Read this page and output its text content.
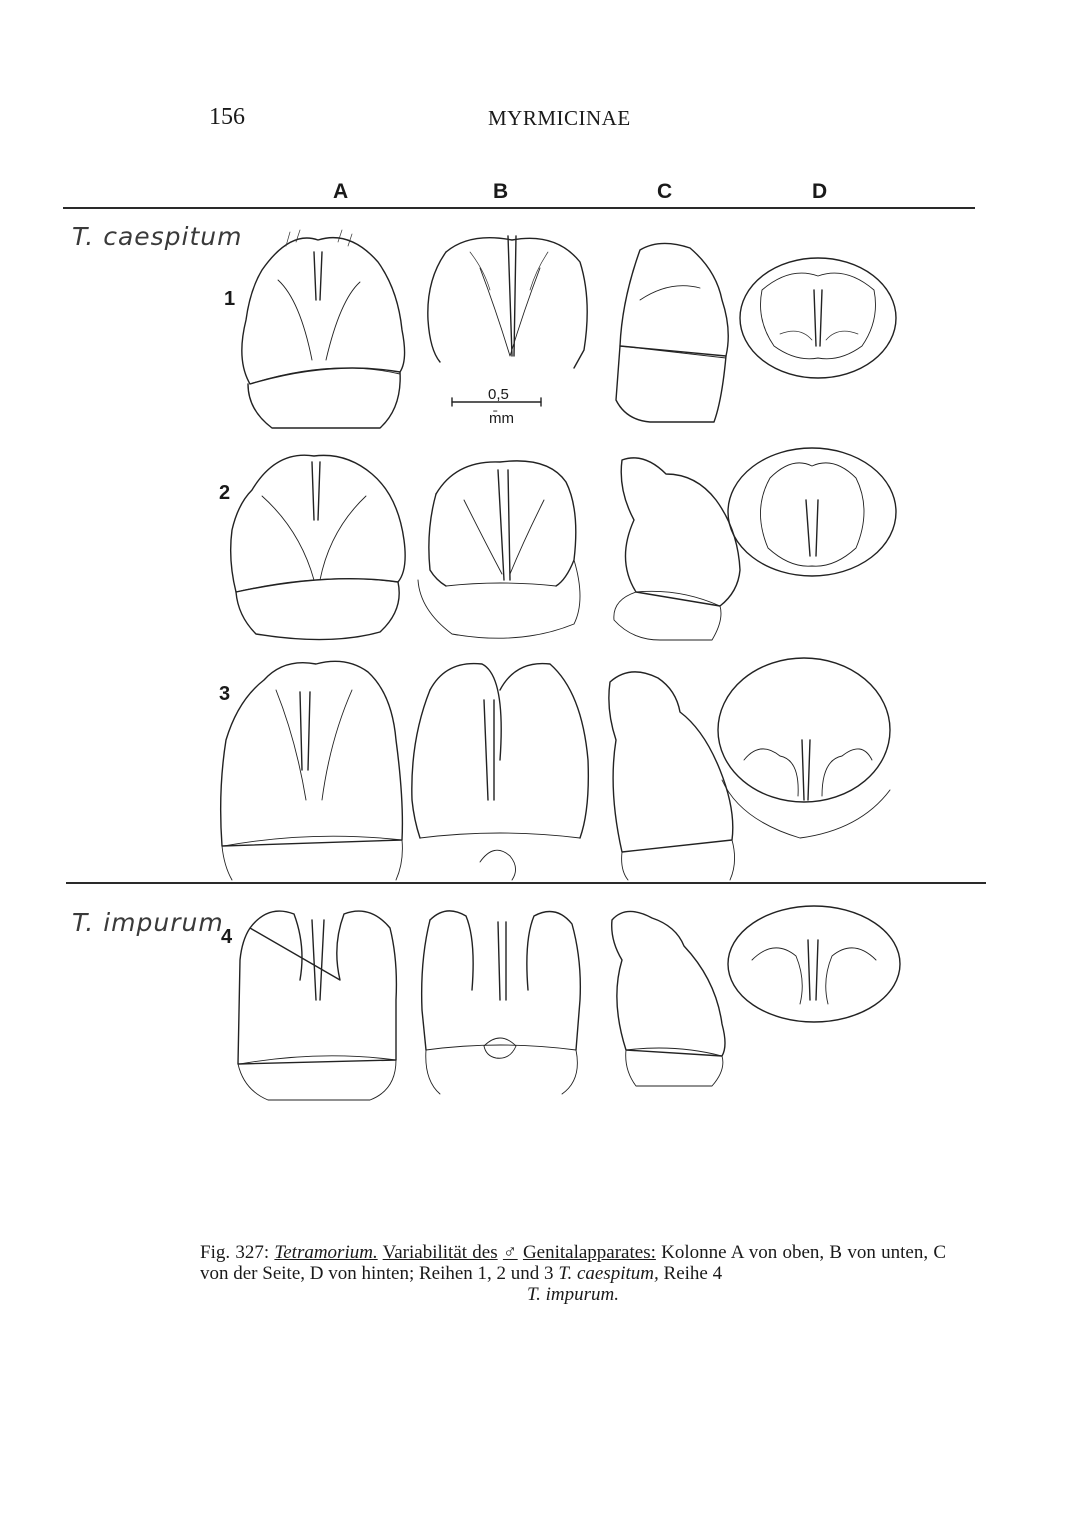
156	MYRMICINAE
A	B	C	D
T. caespitum
T. impurum
1
2
3
4
0,5
m̄m
Fig. 327: Tetramorium. Variabilität des ♂ Genitalapparates: Kolonne A von oben, B von unten, C von der Seite, D von hinten; Reihen 1, 2 und 3 T. caespitum, Reihe 4
T. impurum.
